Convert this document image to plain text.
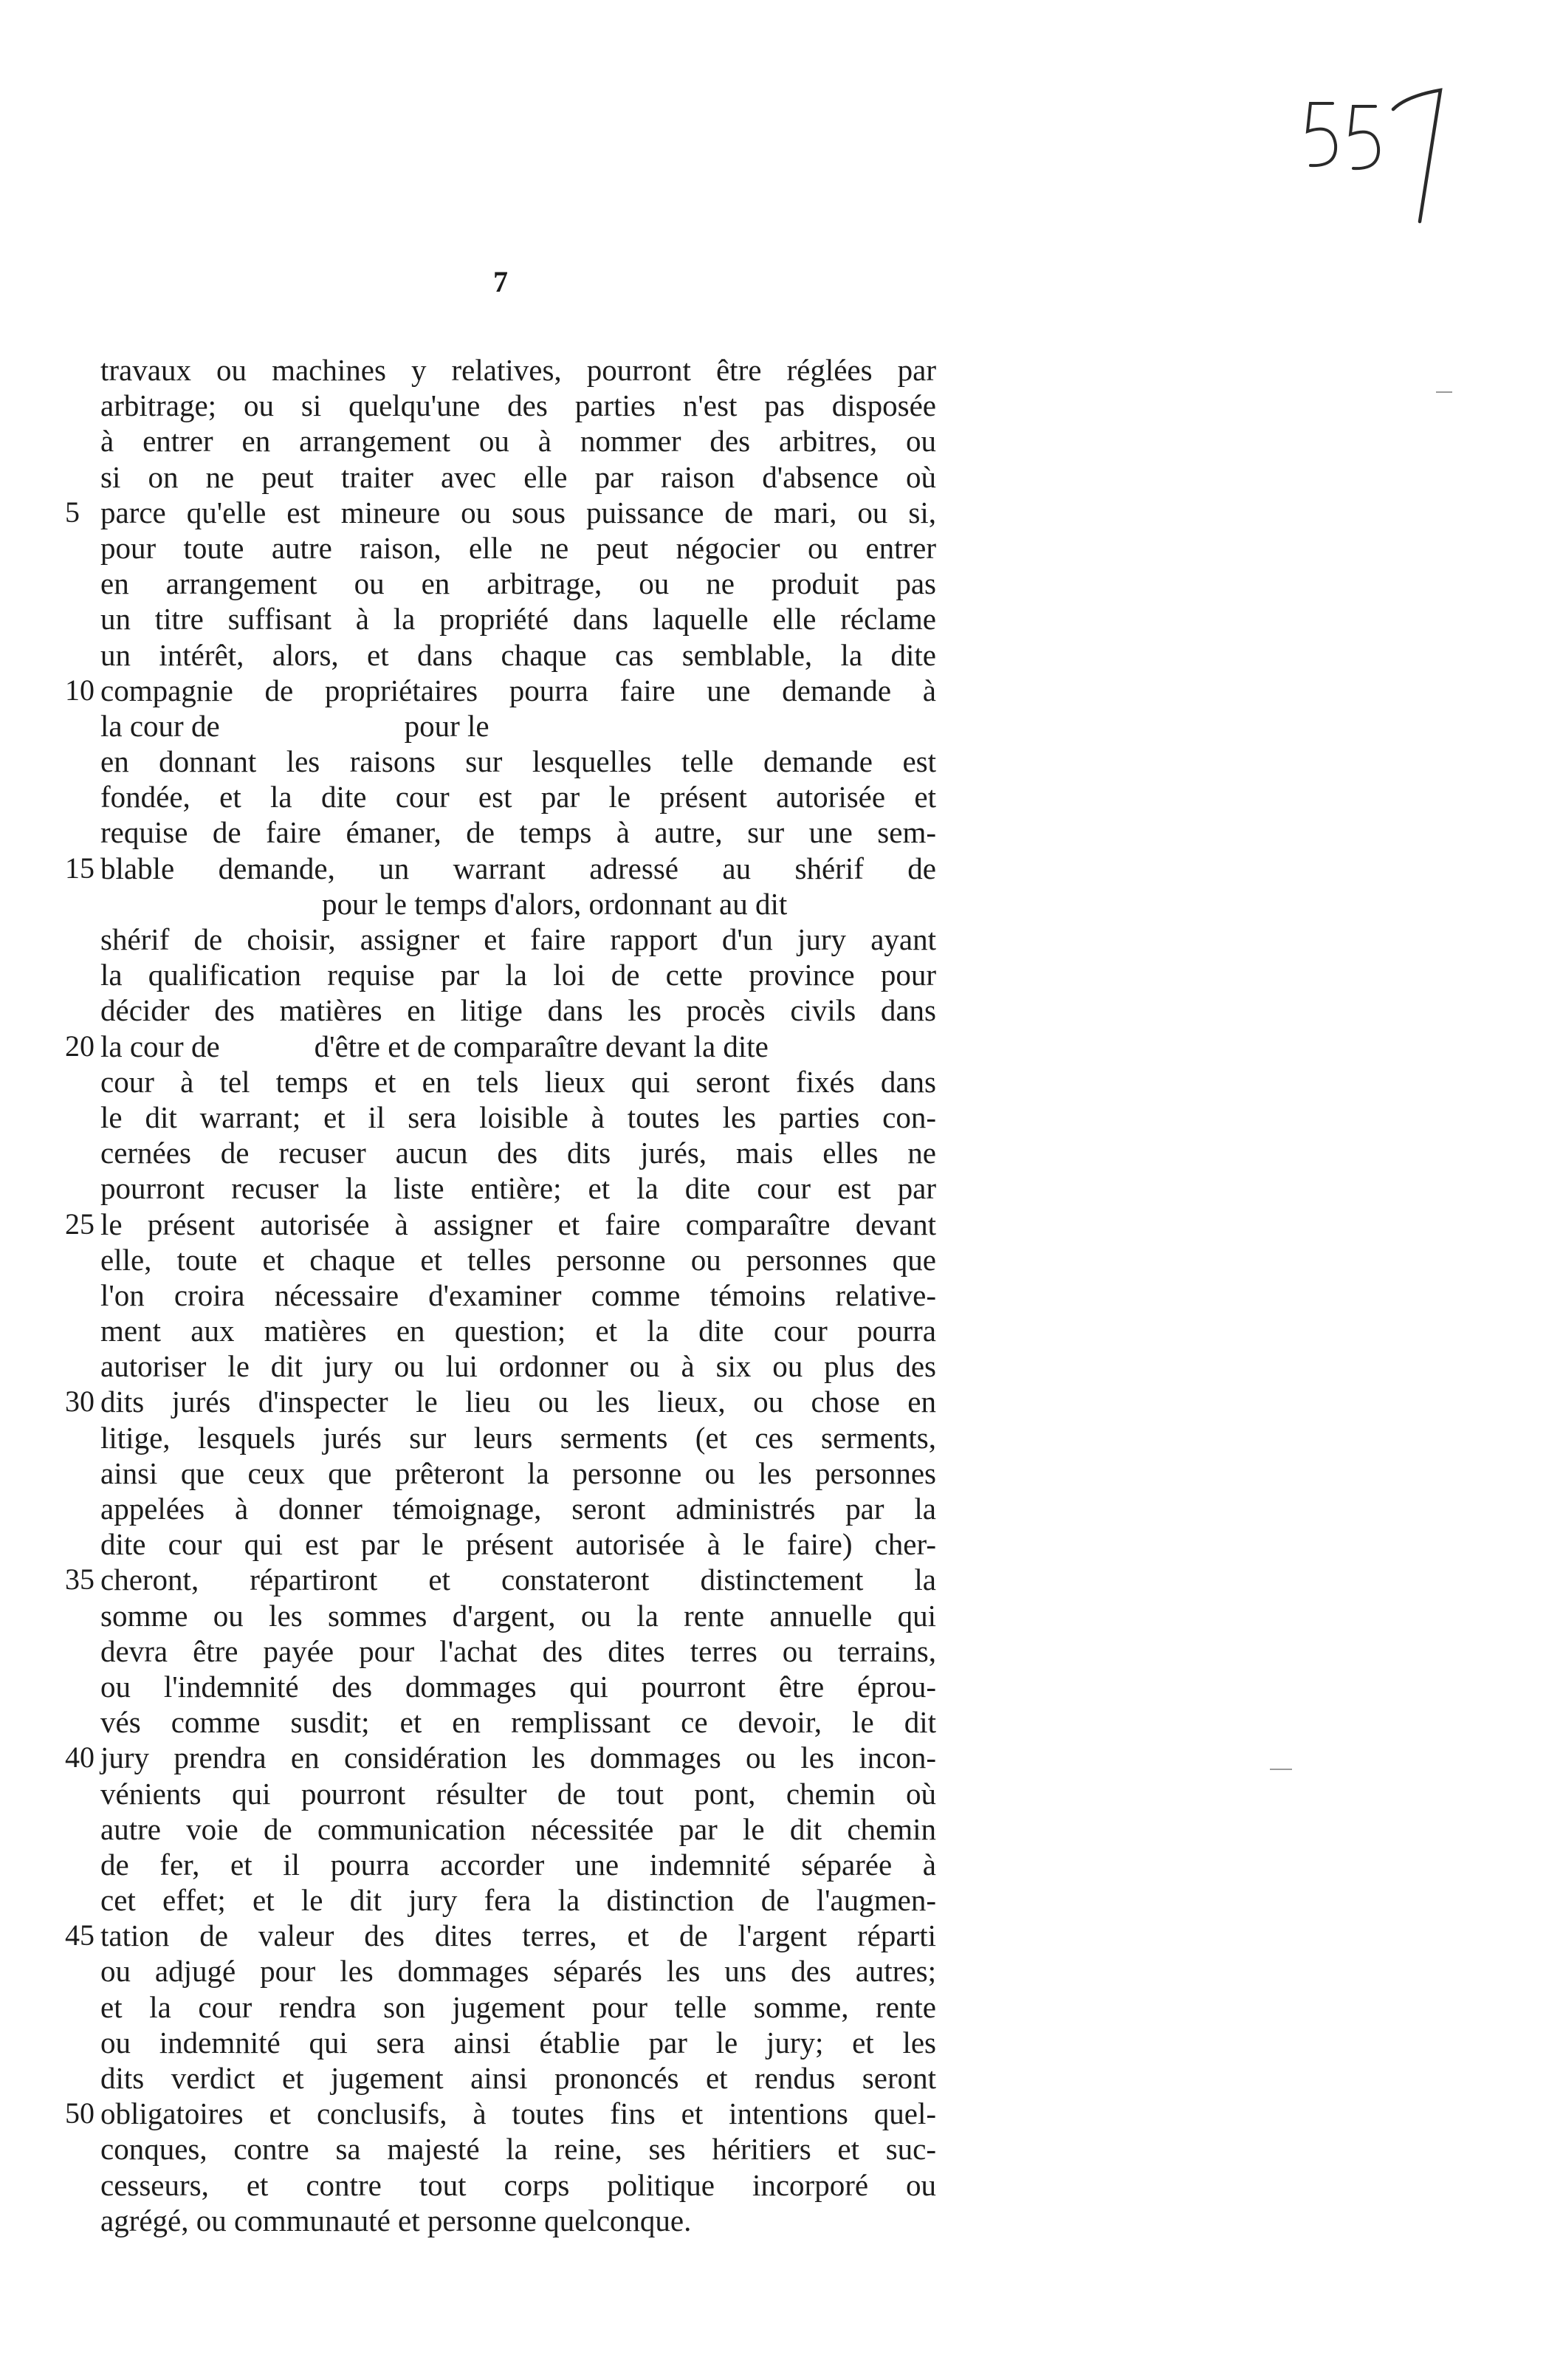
7
travaux ou machines y relatives, pourront être réglées par
arbitrage; ou si quelqu'une des parties n'est pas disposée
à entrer en arrangement ou à nommer des arbitres, ou
si on ne peut traiter avec elle par raison d'absence où
5 parce qu'elle est mineure ou sous puissance de mari, ou si,
pour toute autre raison, elle ne peut négocier ou entrer
en arrangement ou en arbitrage, ou ne produit pas
un titre suffisant à la propriété dans laquelle elle réclame
un intérêt, alors, et dans chaque cas semblable, la dite
10 compagnie de propriétaires pourra faire une demande à
la cour de	pour le
en donnant les raisons sur lesquelles telle demande est
fondée, et la dite cour est par le présent autorisée et
requise de faire émaner, de temps à autre, sur une sem-
15 blable demande, un warrant adressé au shérif de
pour le temps d'alors, ordonnant au dit
shérif de choisir, assigner et faire rapport d'un jury ayant
la qualification requise par la loi de cette province pour
décider des matières en litige dans les procès civils dans
20 la cour de	d'être et de comparaître devant la dite
cour à tel temps et en tels lieux qui seront fixés dans
le dit warrant; et il sera loisible à toutes les parties con-
cernées de recuser aucun des dits jurés, mais elles ne
pourront recuser la liste entière; et la dite cour est par
25 le présent autorisée à assigner et faire comparaître devant
elle, toute et chaque et telles personne ou personnes que
l'on croira nécessaire d'examiner comme témoins relative-
ment aux matières en question; et la dite cour pourra
autoriser le dit jury ou lui ordonner ou à six ou plus des
30 dits jurés d'inspecter le lieu ou les lieux, ou chose en
litige, lesquels jurés sur leurs serments (et ces serments,
ainsi que ceux que prêteront la personne ou les personnes
appelées à donner témoignage, seront administrés par la
dite cour qui est par le présent autorisée à le faire) cher-
35 cheront, répartiront et constateront distinctement la
somme ou les sommes d'argent, ou la rente annuelle qui
devra être payée pour l'achat des dites terres ou terrains,
ou l'indemnité des dommages qui pourront être éprou-
vés comme susdit; et en remplissant ce devoir, le dit
40 jury prendra en considération les dommages ou les incon-
vénients qui pourront résulter de tout pont, chemin où
autre voie de communication nécessitée par le dit chemin
de fer, et il pourra accorder une indemnité séparée à
cet effet; et le dit jury fera la distinction de l'augmen-
45 tation de valeur des dites terres, et de l'argent réparti
ou adjugé pour les dommages séparés les uns des autres;
et la cour rendra son jugement pour telle somme, rente
ou indemnité qui sera ainsi établie par le jury; et les
dits verdict et jugement ainsi prononcés et rendus seront
50 obligatoires et conclusifs, à toutes fins et intentions quel-
conques, contre sa majesté la reine, ses héritiers et suc-
cesseurs, et contre tout corps politique incorporé ou
agrégé, ou communauté et personne quelconque.
